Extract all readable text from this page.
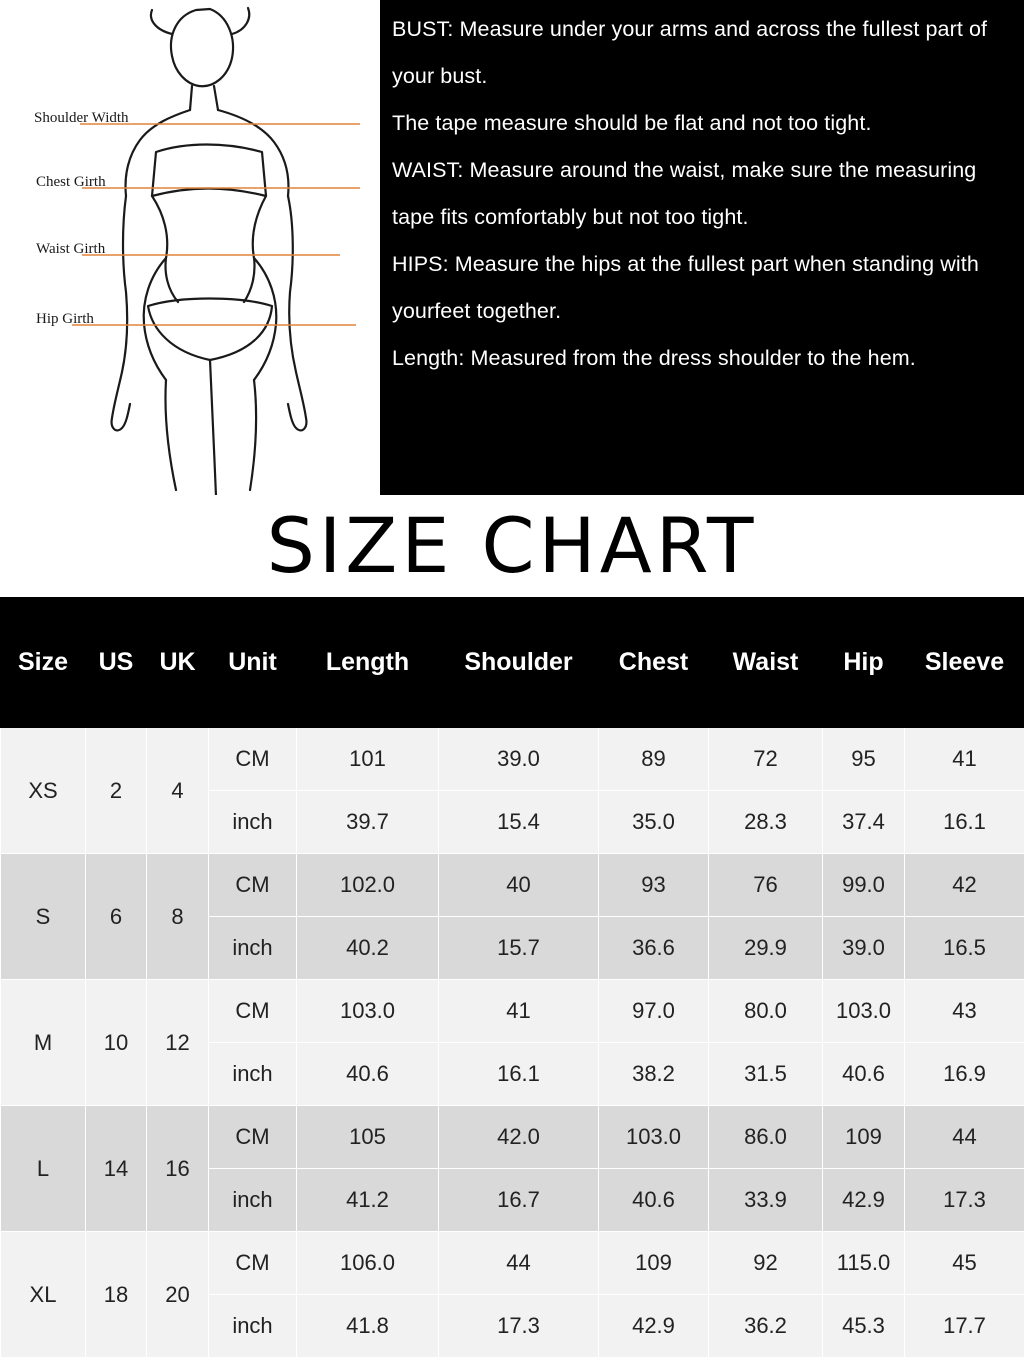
Shoulder Width
Chest Girth
Waist Girth
Hip Girth

BUST: Measure under your arms and across the fullest part of your bust.

The tape measure should be flat and not too tight.

WAIST: Measure around the waist, make sure the measuring tape fits comfortably but not too tight.

HIPS: Measure the hips at the fullest part when standing with yourfeet together.

Length: Measured from the dress shoulder to the hem.

SIZE CHART
Size	US	UK	Unit	Length	Shoulder	Chest	Waist	Hip	Sleeve
XS	2	4	CM	101	39.0	89	72	95	41
			inch	39.7	15.4	35.0	28.3	37.4	16.1
S	6	8	CM	102.0	40	93	76	99.0	42
			inch	40.2	15.7	36.6	29.9	39.0	16.5
M	10	12	CM	103.0	41	97.0	80.0	103.0	43
			inch	40.6	16.1	38.2	31.5	40.6	16.9
L	14	16	CM	105	42.0	103.0	86.0	109	44
			inch	41.2	16.7	40.6	33.9	42.9	17.3
XL	18	20	CM	106.0	44	109	92	115.0	45
			inch	41.8	17.3	42.9	36.2	45.3	17.7
